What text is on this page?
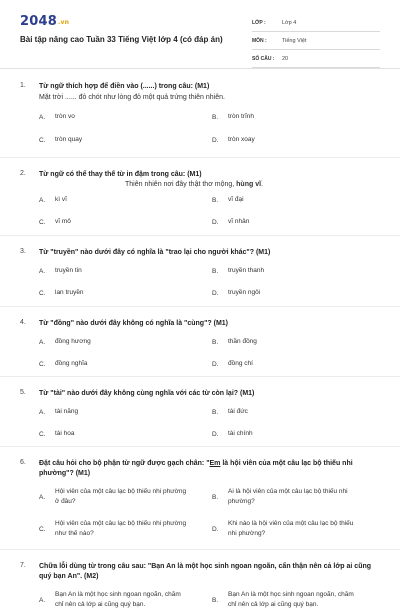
2048.vn
Bài tập nâng cao Tuần 33 Tiếng Việt lớp 4 (có đáp án)
LỚP :	Lớp 4
MÔN :	Tiếng Việt
SỐ CÂU :	20
1.	Từ ngữ thích hợp để điền vào (......) trong câu: (M1)
Mặt trời ...... đỏ chót như lòng đỏ một quả trứng thiên nhiên.
A.	tròn vo	B.	tròn trĩnh
C.	tròn quay	D.	tròn xoay
2.	Từ ngữ có thể thay thế từ in đậm trong câu: (M1)
Thiên nhiên nơi đây thật thơ mộng, hùng vĩ.
A.	kì vĩ	B.	vĩ đại
C.	vĩ mô	D.	vĩ nhân
3.	Từ "truyền" nào dưới đây có nghĩa là "trao lại cho người khác"? (M1)
A.	truyền tin	B.	truyền thanh
C.	lan truyền	D.	truyền ngôi
4.	Từ "đồng" nào dưới đây không có nghĩa là "cùng"? (M1)
A.	đồng hương	B.	thần đồng
C.	đồng nghĩa	D.	đồng chí
5.	Từ "tài" nào dưới đây không cùng nghĩa với các từ còn lại? (M1)
A.	tài năng	B.	tài đức
C.	tài hoa	D.	tài chính
6.	Đặt câu hỏi cho bộ phận từ ngữ được gạch chân: "Em là hội viên của một câu lạc bộ thiếu nhi phường"? (M1)
A.
Hội viên của một câu lạc bộ thiếu nhi phường ở đâu?
B.
Ai là hội viên của một câu lạc bộ thiếu nhi phường?
C.
Hội viên của một câu lạc bộ thiếu nhi phường như thế nào?
D.
Khi nào là hội viên của một câu lạc bộ thiếu nhi phường?
7.	Chữa lỗi dùng từ trong câu sau: "Bạn An là một học sinh ngoan ngoãn, cẩn thận nên cả lớp ai cũng quý bạn An". (M2)
A.
Bạn An là một học sinh ngoan ngoãn, chăm chỉ nên cả lớp ai cũng quý bạn.
B.
Bạn An là một học sinh ngoan ngoãn, chăm chỉ nên cả lớp ai cũng quý bạn.
